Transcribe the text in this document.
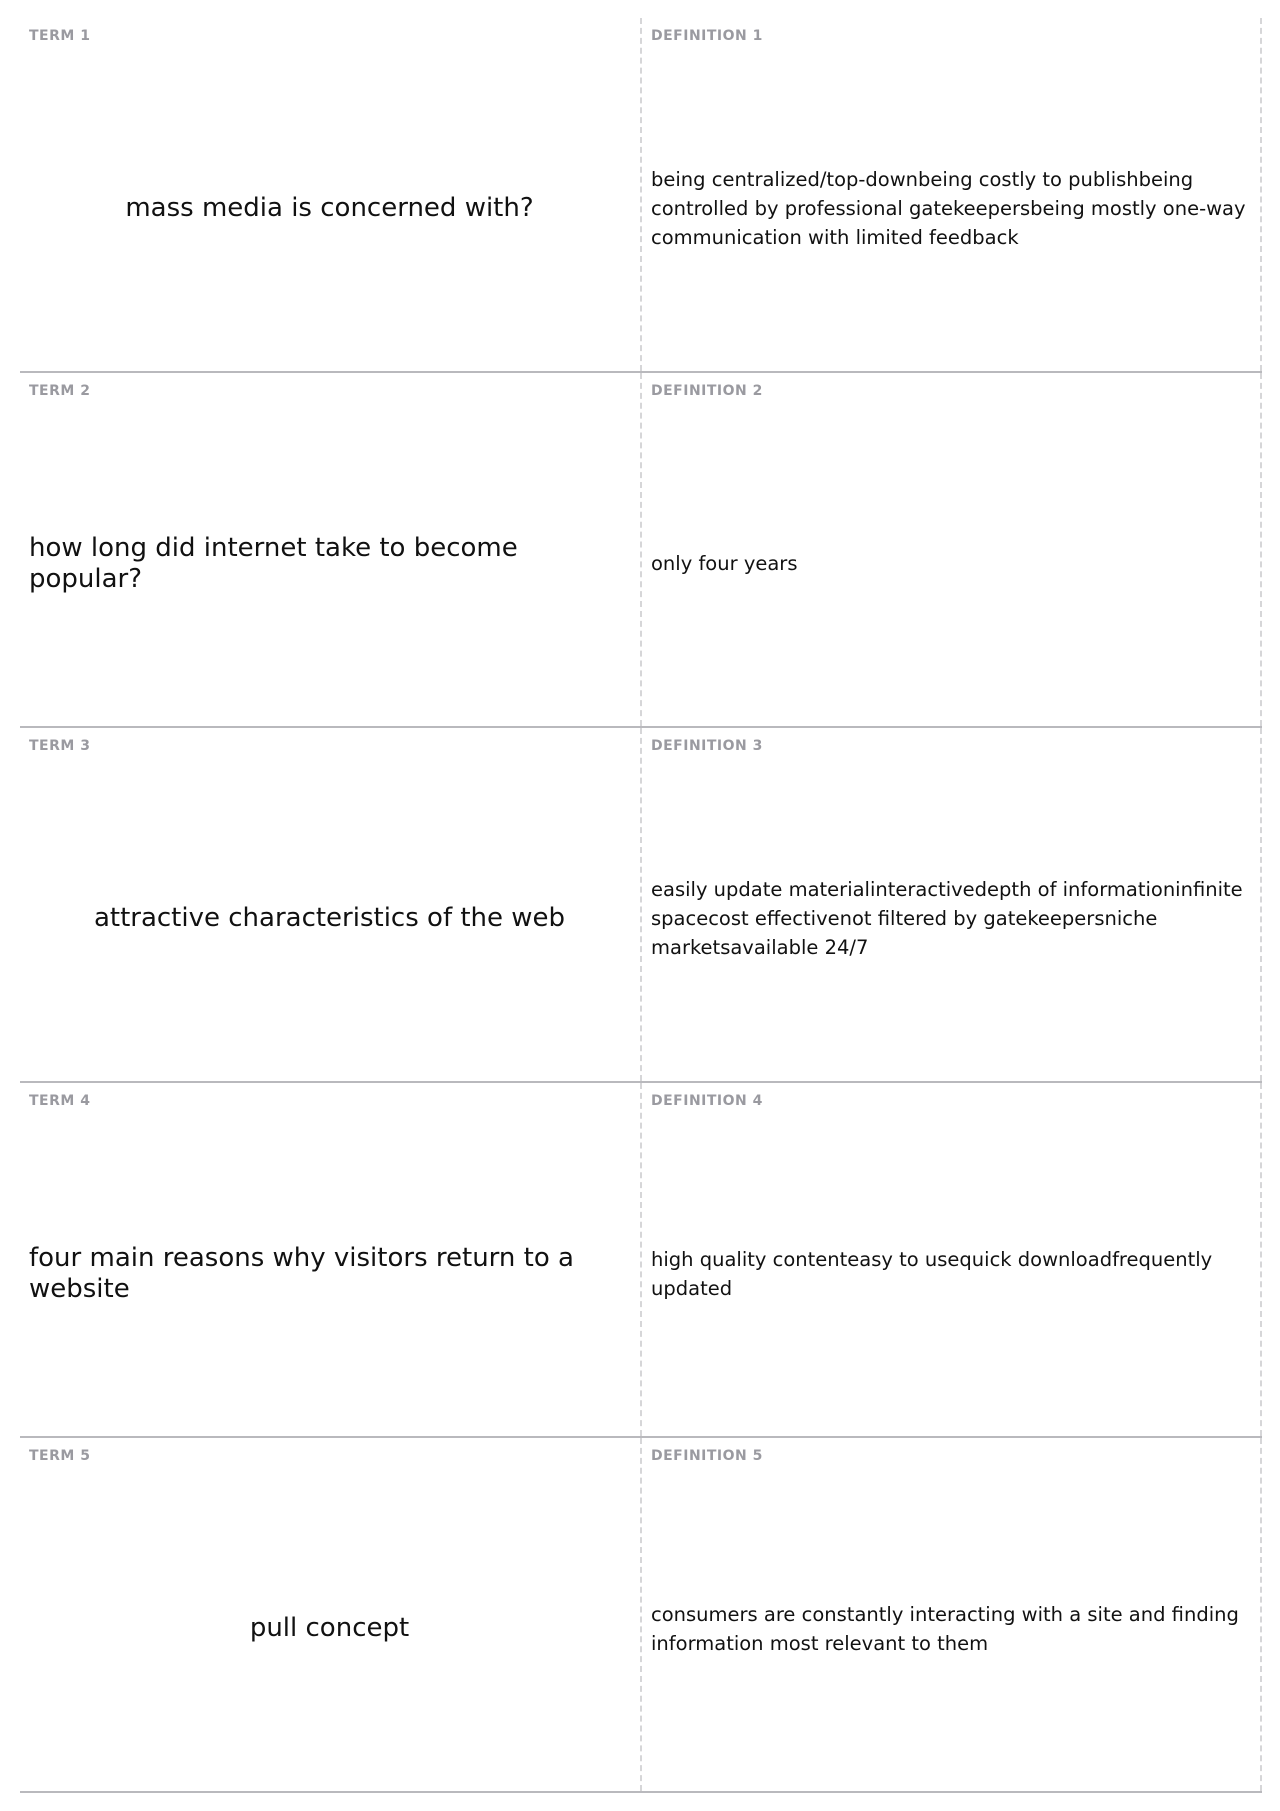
TERM 1
mass media is concerned with?
DEFINITION 1
being centralized/top-downbeing costly to publishbeing controlled by professional gatekeepersbeing mostly one-way communication with limited feedback
TERM 2
how long did internet take to become popular?
DEFINITION 2
only four years
TERM 3
attractive characteristics of the web
DEFINITION 3
easily update materialinteractivedepth of informationinfinite spacecost effectivenot filtered by gatekeepersniche marketsavailable 24/7
TERM 4
four main reasons why visitors return to a website
DEFINITION 4
high quality contenteasy to usequick downloadfrequently updated
TERM 5
pull concept
DEFINITION 5
consumers are constantly interacting with a site and finding information most relevant to them
